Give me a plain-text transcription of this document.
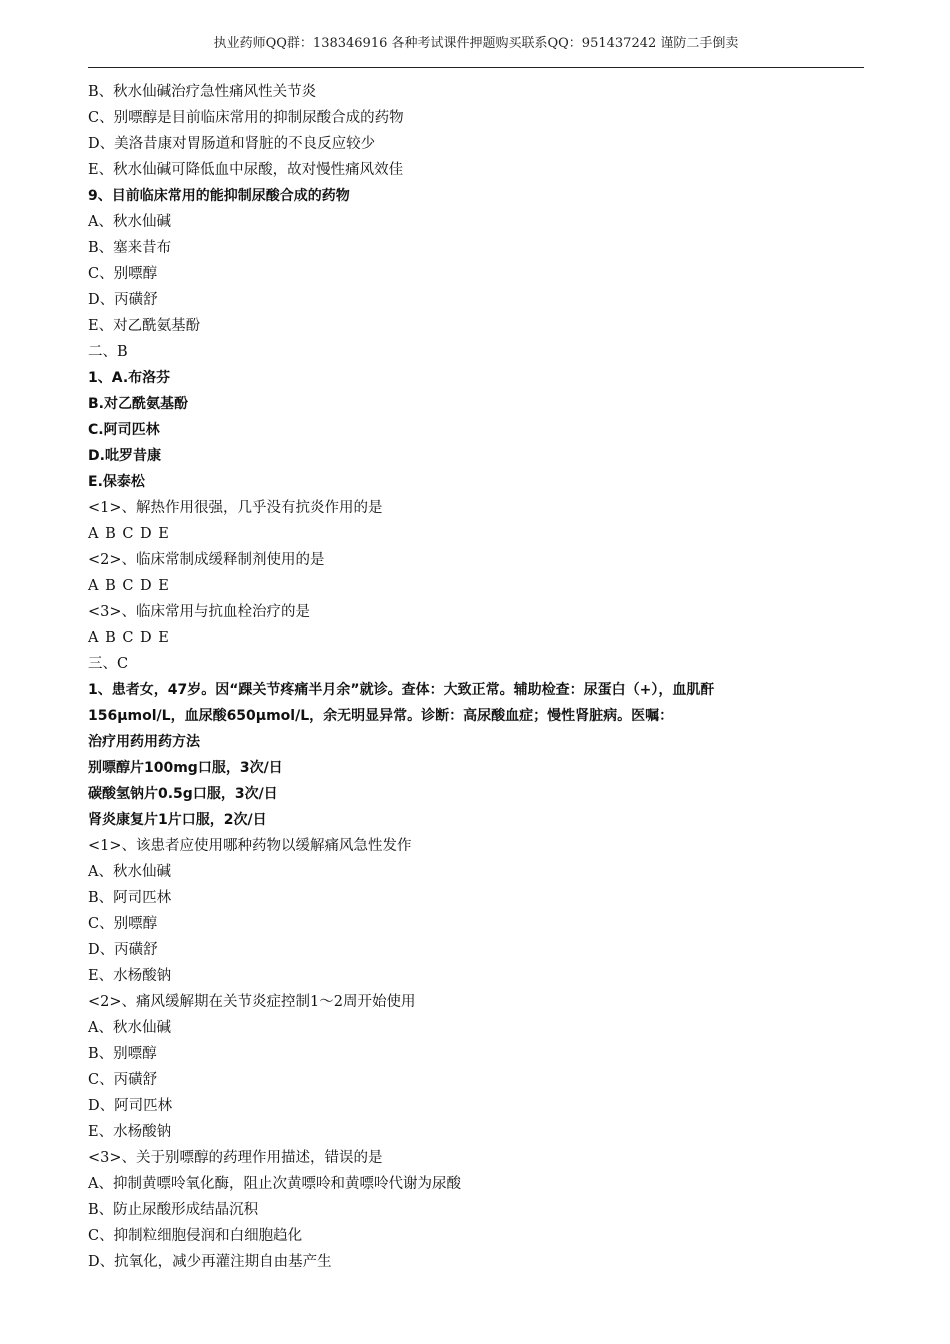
执业药师QQ群：138346916 各种考试课件押题购买联系QQ：951437242 谨防二手倒卖
B、秋水仙碱治疗急性痛风性关节炎
C、别嘌醇是目前临床常用的抑制尿酸合成的药物
D、美洛昔康对胃肠道和肾脏的不良反应较少
E、秋水仙碱可降低血中尿酸，故对慢性痛风效佳
9、目前临床常用的能抑制尿酸合成的药物
A、秋水仙碱
B、塞来昔布
C、别嘌醇
D、丙磺舒
E、对乙酰氨基酚
二、B
1、A.布洛芬
B.对乙酰氨基酚
C.阿司匹林
D.吡罗昔康
E.保泰松
<1>、解热作用很强，几乎没有抗炎作用的是
A B C D E
<2>、临床常制成缓释制剂使用的是
A B C D E
<3>、临床常用与抗血栓治疗的是
A B C D E
三、C
1、患者女，47岁。因“踝关节疼痛半月余”就诊。查体：大致正常。辅助检查：尿蛋白（+），血肌酐
156μmol/L，血尿酸650μmol/L，余无明显异常。诊断：高尿酸血症；慢性肾脏病。医嘱：
治疗用药用药方法
别嘌醇片100mg口服，3次/日
碳酸氢钠片0.5g口服，3次/日
肾炎康复片1片口服，2次/日
<1>、该患者应使用哪种药物以缓解痛风急性发作
A、秋水仙碱
B、阿司匹林
C、别嘌醇
D、丙磺舒
E、水杨酸钠
<2>、痛风缓解期在关节炎症控制1～2周开始使用
A、秋水仙碱
B、别嘌醇
C、丙磺舒
D、阿司匹林
E、水杨酸钠
<3>、关于别嘌醇的药理作用描述，错误的是
A、抑制黄嘌呤氧化酶，阻止次黄嘌呤和黄嘌呤代谢为尿酸
B、防止尿酸形成结晶沉积
C、抑制粒细胞侵润和白细胞趋化
D、抗氧化，减少再灌注期自由基产生
